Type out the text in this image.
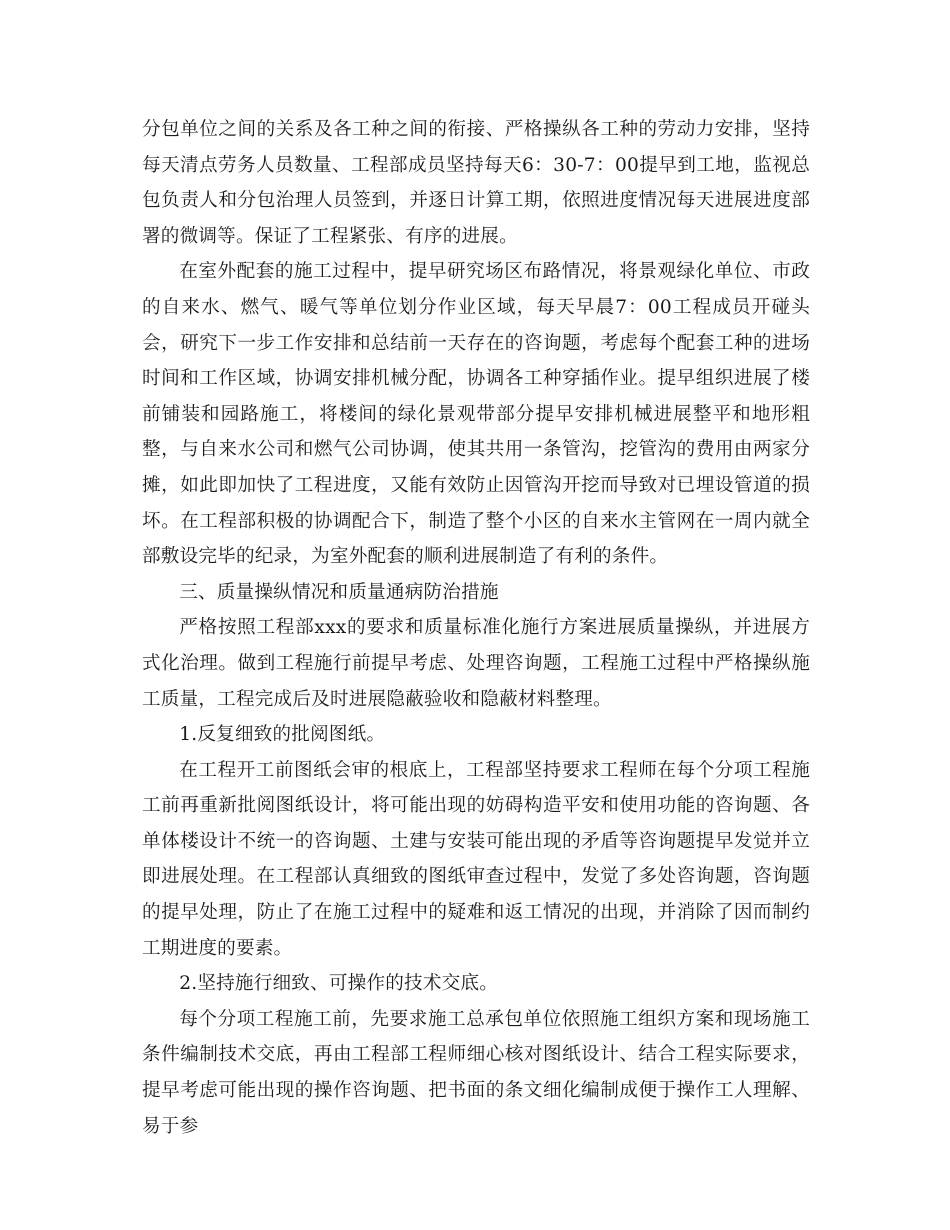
分包单位之间的关系及各工种之间的衔接、严格操纵各工种的劳动力安排，坚持每天清点劳务人员数量、工程部成员坚持每天6：30-7：00提早到工地，监视总包负责人和分包治理人员签到，并逐日计算工期，依照进度情况每天进展进度部署的微调等。保证了工程紧张、有序的进展。

在室外配套的施工过程中，提早研究场区布路情况，将景观绿化单位、市政的自来水、燃气、暖气等单位划分作业区域，每天早晨7：00工程成员开碰头会，研究下一步工作安排和总结前一天存在的咨询题，考虑每个配套工种的进场时间和工作区域，协调安排机械分配，协调各工种穿插作业。提早组织进展了楼前铺装和园路施工，将楼间的绿化景观带部分提早安排机械进展整平和地形粗整，与自来水公司和燃气公司协调，使其共用一条管沟，挖管沟的费用由两家分摊，如此即加快了工程进度，又能有效防止因管沟开挖而导致对已埋设管道的损坏。在工程部积极的协调配合下，制造了整个小区的自来水主管网在一周内就全部敷设完毕的纪录，为室外配套的顺利进展制造了有利的条件。

三、质量操纵情况和质量通病防治措施

严格按照工程部xxx的要求和质量标准化施行方案进展质量操纵，并进展方式化治理。做到工程施行前提早考虑、处理咨询题，工程施工过程中严格操纵施工质量，工程完成后及时进展隐蔽验收和隐蔽材料整理。

1.反复细致的批阅图纸。

在工程开工前图纸会审的根底上，工程部坚持要求工程师在每个分项工程施工前再重新批阅图纸设计，将可能出现的妨碍构造平安和使用功能的咨询题、各单体楼设计不统一的咨询题、土建与安装可能出现的矛盾等咨询题提早发觉并立即进展处理。在工程部认真细致的图纸审查过程中，发觉了多处咨询题，咨询题的提早处理，防止了在施工过程中的疑难和返工情况的出现，并消除了因而制约工期进度的要素。

2.坚持施行细致、可操作的技术交底。

每个分项工程施工前，先要求施工总承包单位依照施工组织方案和现场施工条件编制技术交底，再由工程部工程师细心核对图纸设计、结合工程实际要求，提早考虑可能出现的操作咨询题、把书面的条文细化编制成便于操作工人理解、易于参
